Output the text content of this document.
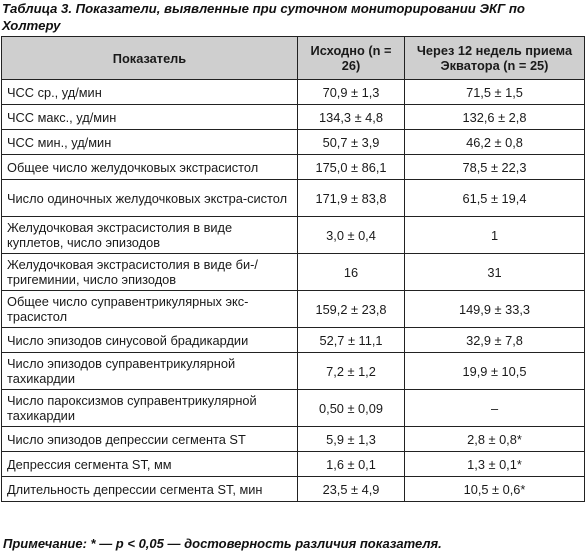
Таблица 3. Показатели, выявленные при суточном мониторировании ЭКГ по Холтеру
Показатель	Исходно (n = 26)	Через 12 недель приема Экватора (n = 25)
ЧСС ср., уд/мин	70,9 ± 1,3	71,5 ± 1,5
ЧСС макс., уд/мин	134,3 ± 4,8	132,6 ± 2,8
ЧСС мин., уд/мин	50,7 ± 3,9	46,2 ± 0,8
Общее число желудочковых экстрасистол	175,0 ± 86,1	78,5 ± 22,3
Число одиночных желудочковых экстра-систол	171,9 ± 83,8	61,5 ± 19,4
Желудочковая экстрасистолия в виде куплетов, число эпизодов	3,0 ± 0,4	1
Желудочковая экстрасистолия в виде би-/ тригеминии, число эпизодов	16	31
Общее число суправентрикулярных экс-трасистол	159,2 ± 23,8	149,9 ± 33,3
Число эпизодов синусовой брадикардии	52,7 ± 11,1	32,9 ± 7,8
Число эпизодов суправентрикулярной тахикардии	7,2 ± 1,2	19,9 ± 10,5
Число пароксизмов суправентрикулярной тахикардии	0,50 ± 0,09	–
Число эпизодов депрессии сегмента ST	5,9 ± 1,3	2,8 ± 0,8*
Депрессия сегмента ST, мм	1,6 ± 0,1	1,3 ± 0,1*
Длительность депрессии сегмента ST, мин	23,5 ± 4,9	10,5 ± 0,6*
Примечание: * — р < 0,05 — достоверность различия показателя.
